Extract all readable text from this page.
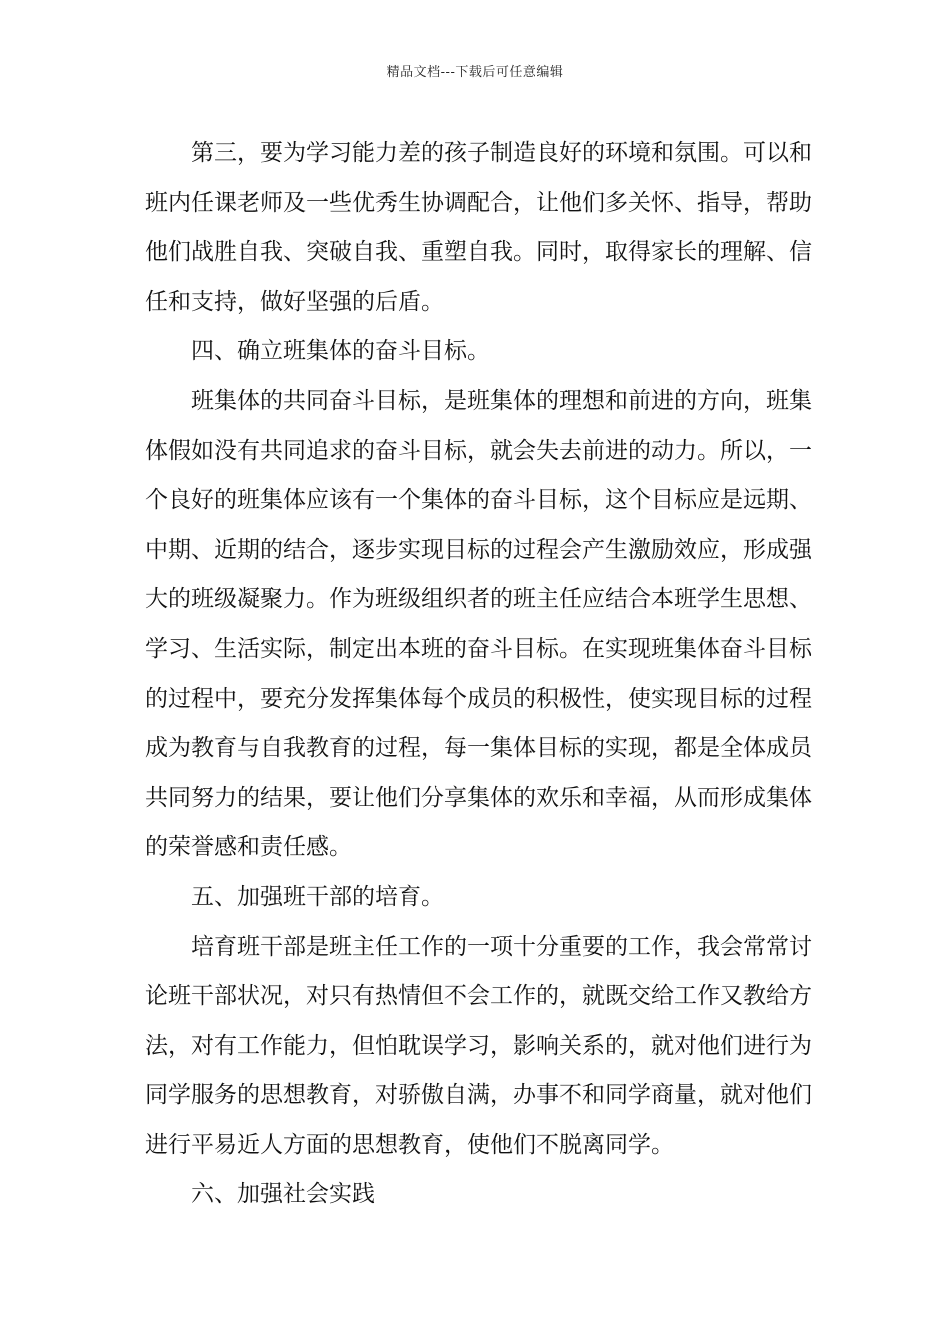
精品文档---下载后可任意编辑

第三，要为学习能力差的孩子制造良好的环境和氛围。可以和
班内任课老师及一些优秀生协调配合，让他们多关怀、指导，帮助
他们战胜自我、突破自我、重塑自我。同时，取得家长的理解、信
任和支持，做好坚强的后盾。

四、确立班集体的奋斗目标。

班集体的共同奋斗目标，是班集体的理想和前进的方向，班集
体假如没有共同追求的奋斗目标，就会失去前进的动力。所以，一
个良好的班集体应该有一个集体的奋斗目标，这个目标应是远期、
中期、近期的结合，逐步实现目标的过程会产生激励效应，形成强
大的班级凝聚力。作为班级组织者的班主任应结合本班学生思想、
学习、生活实际，制定出本班的奋斗目标。在实现班集体奋斗目标
的过程中，要充分发挥集体每个成员的积极性，使实现目标的过程
成为教育与自我教育的过程，每一集体目标的实现，都是全体成员
共同努力的结果，要让他们分享集体的欢乐和幸福，从而形成集体
的荣誉感和责任感。

五、加强班干部的培育。

培育班干部是班主任工作的一项十分重要的工作，我会常常讨
论班干部状况，对只有热情但不会工作的，就既交给工作又教给方
法，对有工作能力，但怕耽误学习，影响关系的，就对他们进行为
同学服务的思想教育，对骄傲自满，办事不和同学商量，就对他们
进行平易近人方面的思想教育，使他们不脱离同学。

六、加强社会实践
